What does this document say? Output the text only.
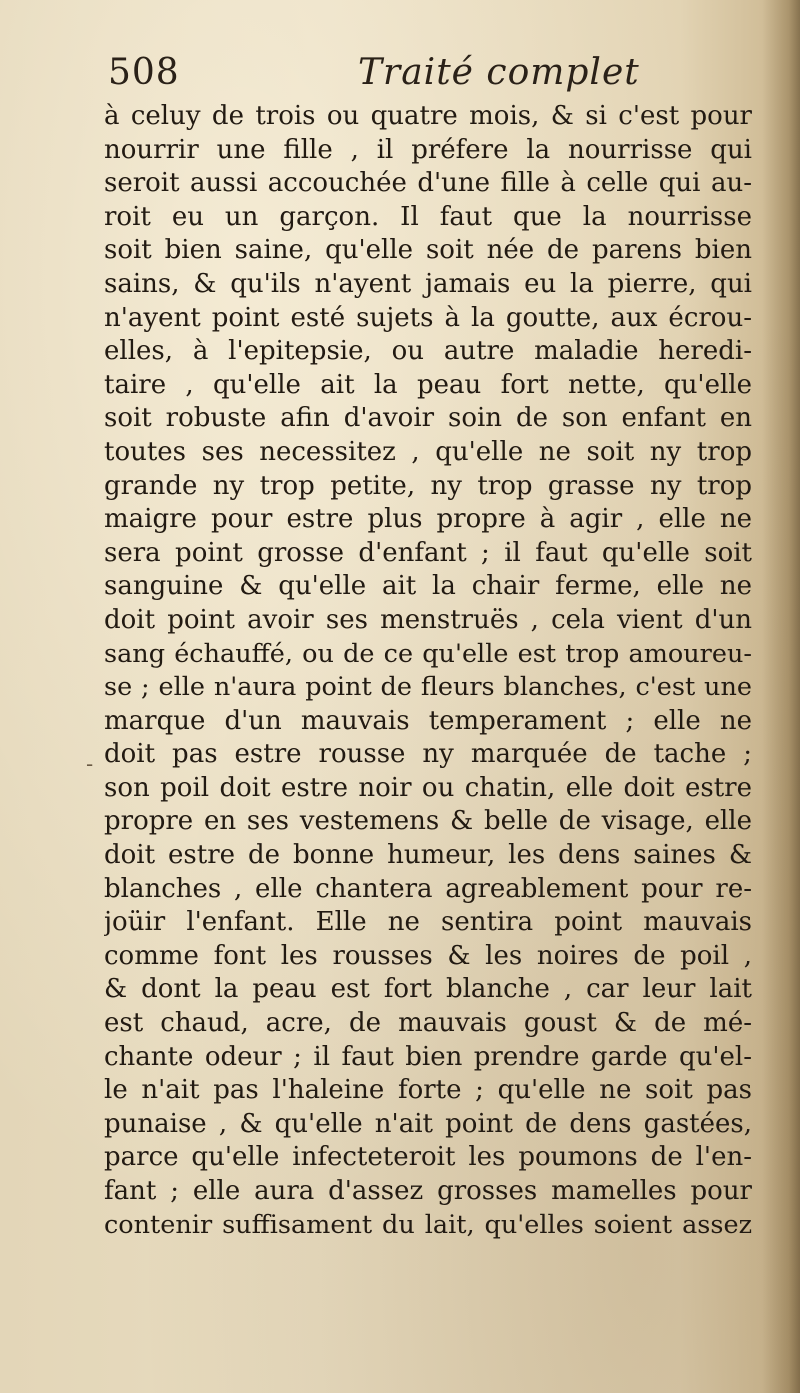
508	Traité complet
à celuy de trois ou quatre mois, & si c'est pour
nourrir une fille , il préfere la nourrisse qui
seroit aussi accouchée d'une fille à celle qui au-
roit eu un garçon. Il faut que la nourrisse
soit bien saine, qu'elle soit née de parens bien
sains, & qu'ils n'ayent jamais eu la pierre, qui
n'ayent point esté sujets à la goutte, aux écrou-
elles, à l'epitepsie, ou autre maladie heredi-
taire , qu'elle ait la peau fort nette, qu'elle
soit robuste afin d'avoir soin de son enfant en
toutes ses necessitez , qu'elle ne soit ny trop
grande ny trop petite, ny trop grasse ny trop
maigre pour estre plus propre à agir , elle ne
sera point grosse d'enfant ; il faut qu'elle soit
sanguine & qu'elle ait la chair ferme, elle ne
doit point avoir ses menstruës , cela vient d'un
sang échauffé, ou de ce qu'elle est trop amoureu-
se ; elle n'aura point de fleurs blanches, c'est une
marque d'un mauvais temperament ; elle ne
doit pas estre rousse ny marquée de tache ;
son poil doit estre noir ou chatin, elle doit estre
propre en ses vestemens & belle de visage, elle
doit estre de bonne humeur, les dens saines &
blanches , elle chantera agreablement pour re-
joüir l'enfant. Elle ne sentira point mauvais
comme font les rousses & les noires de poil ,
& dont la peau est fort blanche , car leur lait
est chaud, acre, de mauvais goust & de mé-
chante odeur ; il faut bien prendre garde qu'el-
le n'ait pas l'haleine forte ; qu'elle ne soit pas
punaise , & qu'elle n'ait point de dens gastées,
parce qu'elle infecteteroit les poumons de l'en-
fant ; elle aura d'assez grosses mamelles pour
contenir suffisament du lait, qu'elles soient assez
-
